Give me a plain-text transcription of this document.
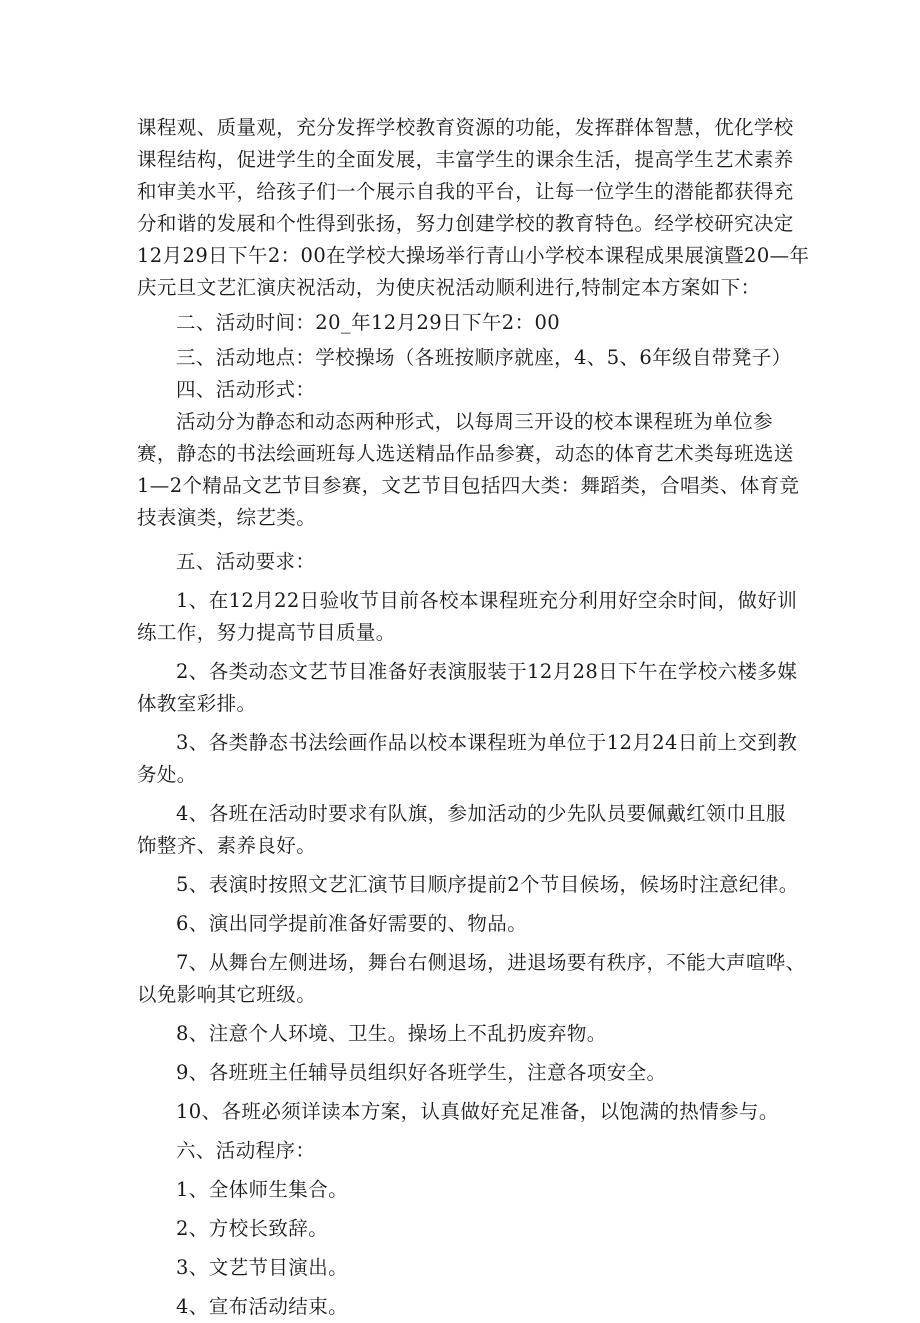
课程观、质量观，充分发挥学校教育资源的功能，发挥群体智慧，优化学校
课程结构，促进学生的全面发展，丰富学生的课余生活，提高学生艺术素养
和审美水平，给孩子们一个展示自我的平台，让每一位学生的潜能都获得充
分和谐的发展和个性得到张扬，努力创建学校的教育特色。经学校研究决定
12月29日下午2：00在学校大操场举行青山小学校本课程成果展演暨20—年
庆元旦文艺汇演庆祝活动，为使庆祝活动顺利进行,特制定本方案如下：
二、活动时间：20_年12月29日下午2：00
三、活动地点：学校操场（各班按顺序就座，4、5、6年级自带凳子）
四、活动形式：
活动分为静态和动态两种形式，以每周三开设的校本课程班为单位参
赛，静态的书法绘画班每人选送精品作品参赛，动态的体育艺术类每班选送
1—2个精品文艺节目参赛，文艺节目包括四大类：舞蹈类，合唱类、体育竞
技表演类，综艺类。
五、活动要求：
1、在12月22日验收节目前各校本课程班充分利用好空余时间，做好训
练工作，努力提高节目质量。
2、各类动态文艺节目准备好表演服装于12月28日下午在学校六楼多媒
体教室彩排。
3、各类静态书法绘画作品以校本课程班为单位于12月24日前上交到教
务处。
4、各班在活动时要求有队旗，参加活动的少先队员要佩戴红领巾且服
饰整齐、素养良好。
5、表演时按照文艺汇演节目顺序提前2个节目候场，候场时注意纪律。
6、演出同学提前准备好需要的、物品。
7、从舞台左侧进场，舞台右侧退场，进退场要有秩序，不能大声喧哗、
以免影响其它班级。
8、注意个人环境、卫生。操场上不乱扔废弃物。
9、各班班主任辅导员组织好各班学生，注意各项安全。
10、各班必须详读本方案，认真做好充足准备，以饱满的热情参与。
六、活动程序：
1、全体师生集合。
2、方校长致辞。
3、文艺节目演出。
4、宣布活动结束。
